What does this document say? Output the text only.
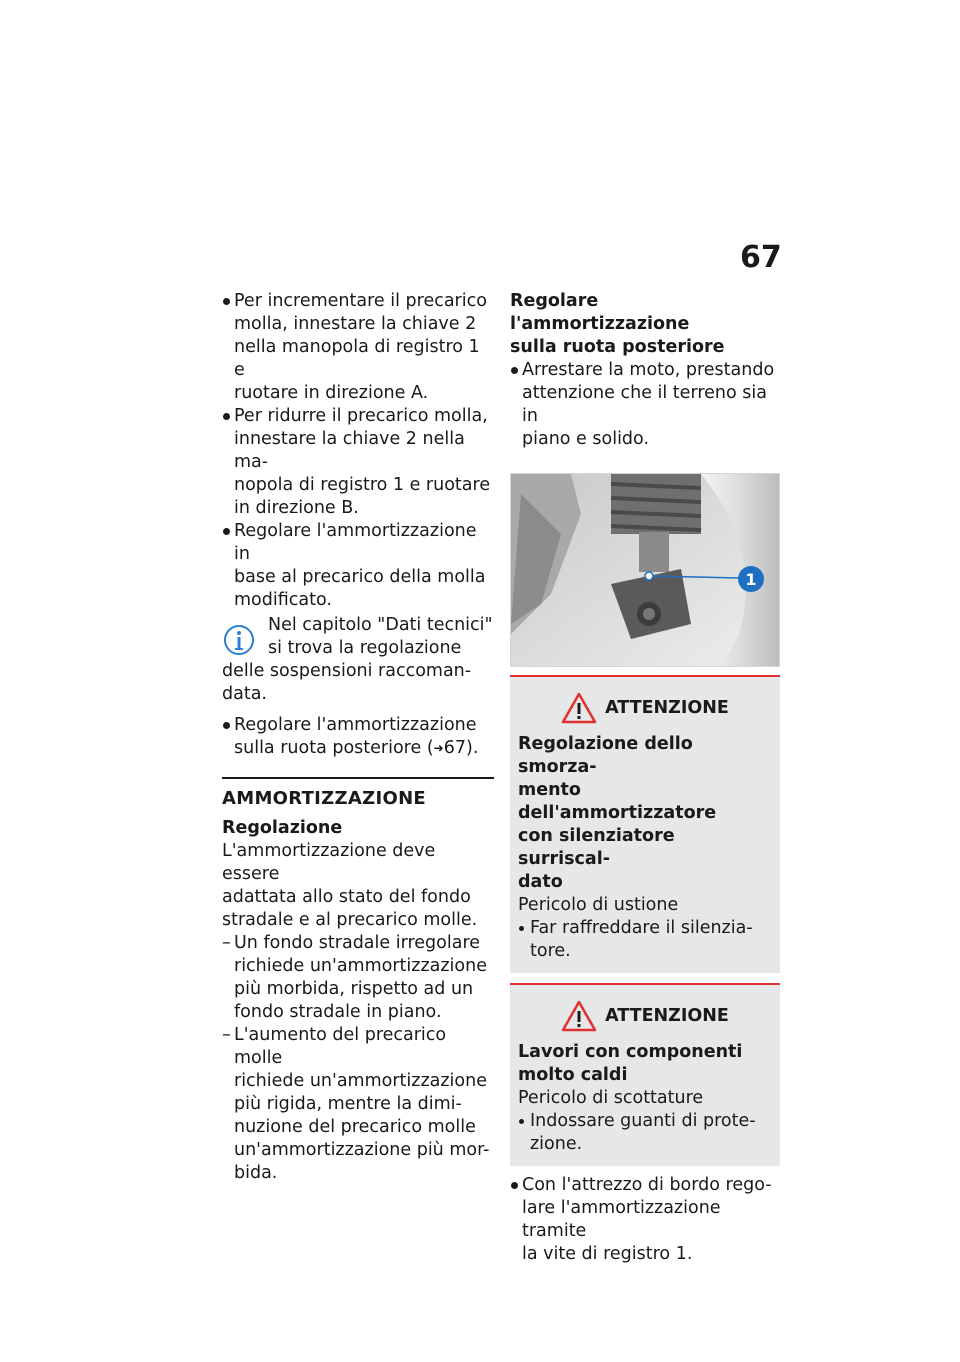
67
Per incrementare il precarico
molla, innestare la chiave 2
nella manopola di registro 1 e
ruotare in direzione A.
Per ridurre il precarico molla,
innestare la chiave 2 nella ma-
nopola di registro 1 e ruotare
in direzione B.
Regolare l'ammortizzazione in
base al precarico della molla
modificato.
Nel capitolo "Dati tecnici"
si trova la regolazione
delle sospensioni raccoman-
data.
Regolare l'ammortizzazione
sulla ruota posteriore (➜67).
AMMORTIZZAZIONE
Regolazione
L'ammortizzazione deve essere
adattata allo stato del fondo
stradale e al precarico molle.
– Un fondo stradale irregolare
richiede un'ammortizzazione
più morbida, rispetto ad un
fondo stradale in piano.
– L'aumento del precarico molle
richiede un'ammortizzazione
più rigida, mentre la dimi-
nuzione del precarico molle
un'ammortizzazione più mor-
bida.
Regolare l'ammortizzazione
sulla ruota posteriore
Arrestare la moto, prestando
attenzione che il terreno sia in
piano e solido.
1
ATTENZIONE
Regolazione dello smorza-
mento dell'ammortizzatore
con silenziatore surriscal-
dato
Pericolo di ustione
Far raffreddare il silenzia-
tore.
ATTENZIONE
Lavori con componenti
molto caldi
Pericolo di scottature
Indossare guanti di prote-
zione.
Con l'attrezzo di bordo rego-
lare l'ammortizzazione tramite
la vite di registro 1.
